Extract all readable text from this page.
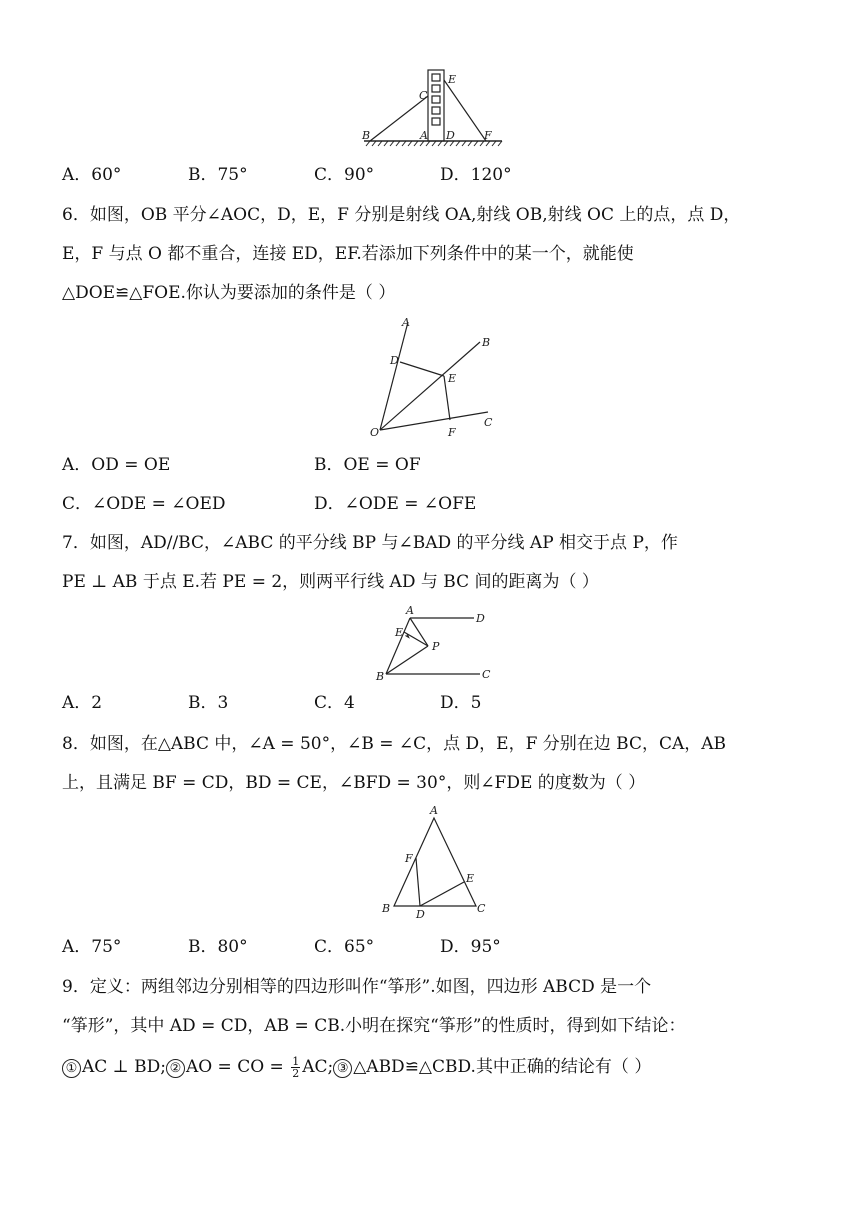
B	A D	F
C
E
A．60°	B．75°	C．90°	D．120°
6．如图，OB 平分∠AOC，D，E，F 分别是射线 OA,射线 OB,射线 OC 上的点，点 D，
E，F 与点 O 都不重合，连接 ED，EF.若添加下列条件中的某一个，就能使
△DOE≌△FOE.你认为要添加的条件是（ ）
A
B
D
E
O	F
C
A．OD = OE	B．OE = OF
C．∠ODE = ∠OED	D．∠ODE = ∠OFE
7．如图，AD//BC，∠ABC 的平分线 BP 与∠BAD 的平分线 AP 相交于点 P，作
PE ⊥ AB 于点 E.若 PE = 2，则两平行线 AD 与 BC 间的距离为（ ）
A
D
E
P
B	C
A．2	B．3	C．4	D．5
8．如图，在△ABC 中，∠A = 50°，∠B = ∠C，点 D，E，F 分别在边 BC，CA，AB
上，且满足 BF = CD，BD = CE，∠BFD = 30°，则∠FDE 的度数为（ ）
A
F
E
B D	C
A．75°	B．80°	C．65°	D．95°
9．定义：两组邻边分别相等的四边形叫作“筝形”.如图，四边形 ABCD 是一个
“筝形”，其中 AD = CD，AB = CB.小明在探究“筝形”的性质时，得到如下结论：
① AC ⊥ BD; ② AO = CO = $\frac{1}{2}$ AC; ③ △ABD≌△CBD.其中正确的结论有（ ）
